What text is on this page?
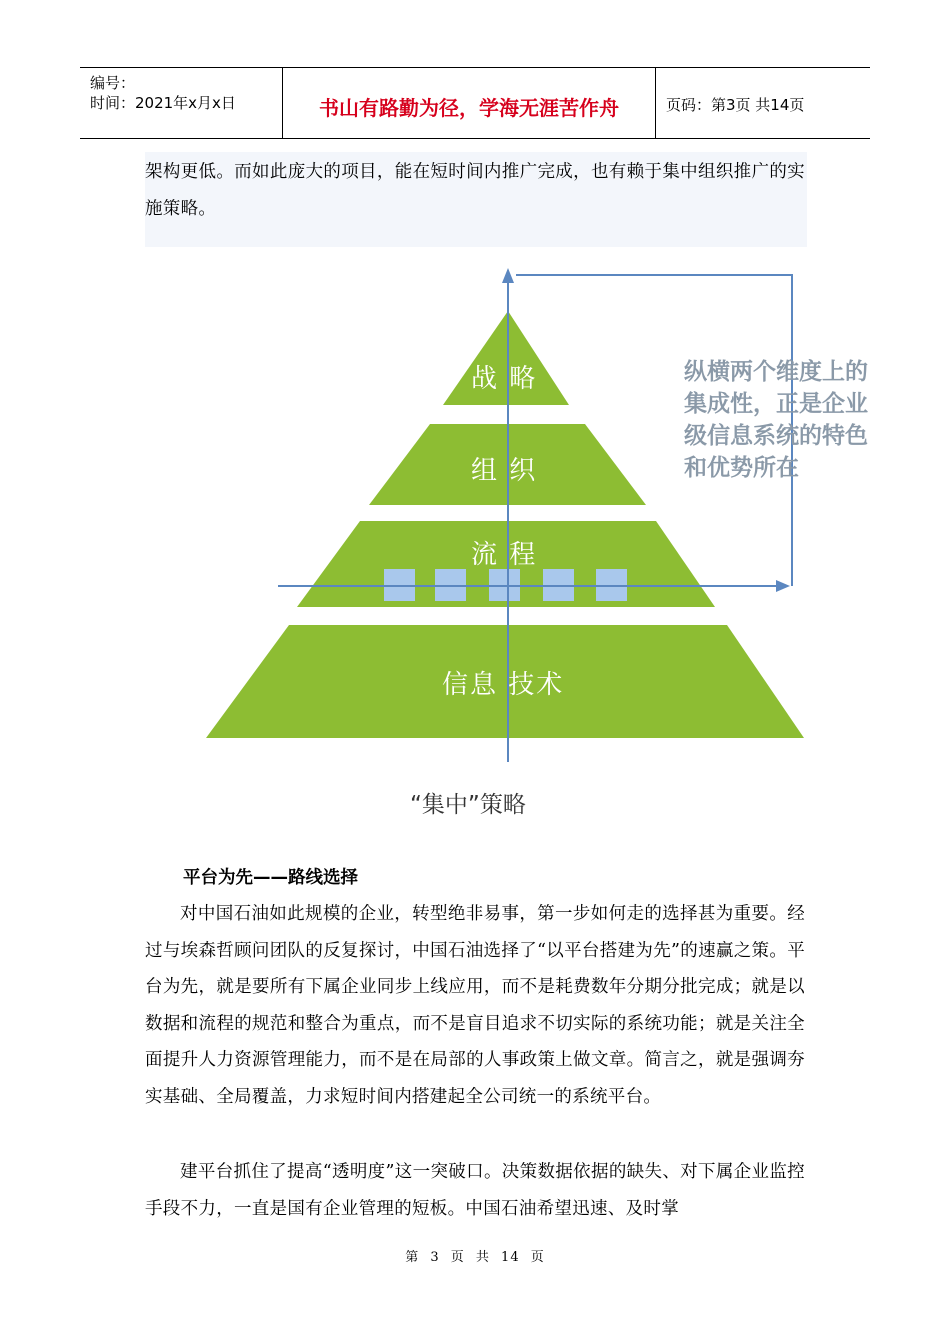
编号：
时间：2021年x月x日	书山有路勤为径，学海无涯苦作舟	页码：第3页 共14页
架构更低。而如此庞大的项目，能在短时间内推广完成，也有赖于集中组织推广的实施策略。
战 略
组 织
流 程
信息 技术
纵横两个维度上的
集成性，正是企业
级信息系统的特色
和优势所在
“集中”策略
平台为先——路线选择
对中国石油如此规模的企业，转型绝非易事，第一步如何走的选择甚为重要。经过与埃森哲顾问团队的反复探讨，中国石油选择了“以平台搭建为先”的速赢之策。平台为先，就是要所有下属企业同步上线应用，而不是耗费数年分期分批完成；就是以数据和流程的规范和整合为重点，而不是盲目追求不切实际的系统功能；就是关注全面提升人力资源管理能力，而不是在局部的人事政策上做文章。简言之，就是强调夯实基础、全局覆盖，力求短时间内搭建起全公司统一的系统平台。
建平台抓住了提高“透明度”这一突破口。决策数据依据的缺失、对下属企业监控手段不力，一直是国有企业管理的短板。中国石油希望迅速、及时掌
第 3 页 共 14 页
